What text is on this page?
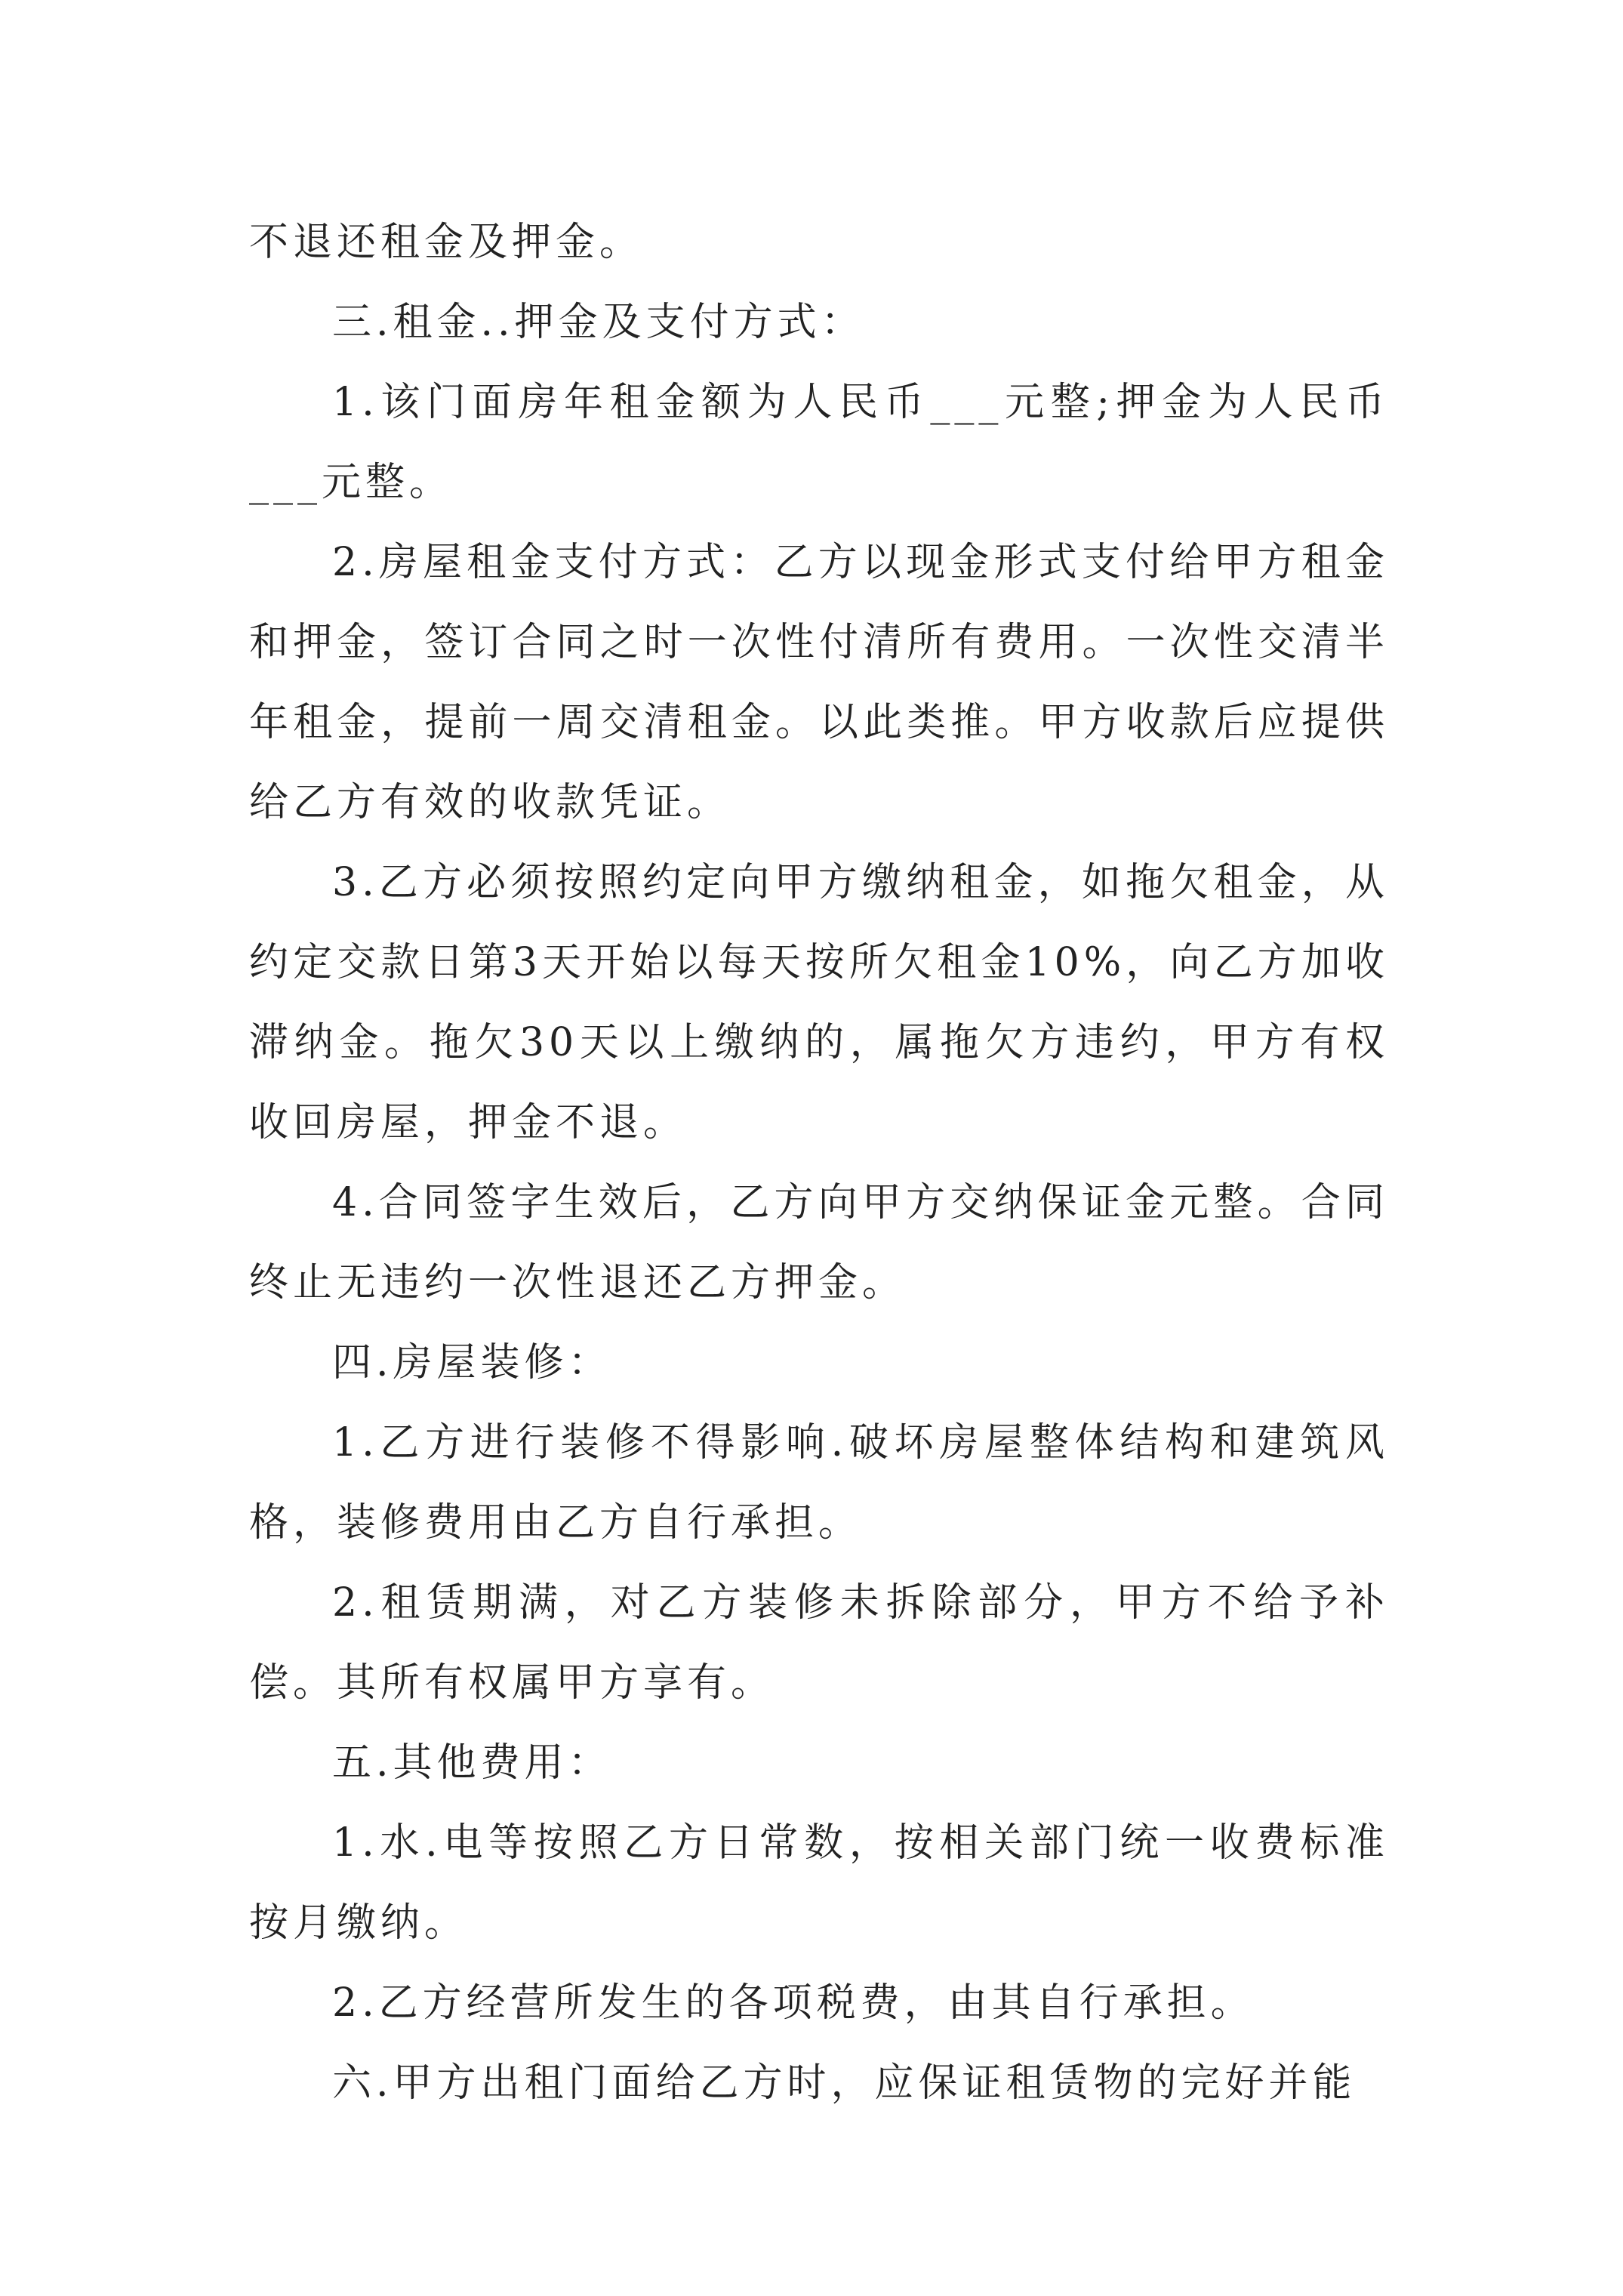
不退还租金及押金。

三.租金..押金及支付方式：

1.该门面房年租金额为人民币___元整;押金为人民币___元整。

2.房屋租金支付方式：乙方以现金形式支付给甲方租金和押金，签订合同之时一次性付清所有费用。一次性交清半年租金，提前一周交清租金。以此类推。甲方收款后应提供给乙方有效的收款凭证。

3.乙方必须按照约定向甲方缴纳租金，如拖欠租金，从约定交款日第3天开始以每天按所欠租金10%，向乙方加收滞纳金。拖欠30天以上缴纳的，属拖欠方违约，甲方有权收回房屋，押金不退。

4.合同签字生效后，乙方向甲方交纳保证金元整。合同终止无违约一次性退还乙方押金。

四.房屋装修：

1.乙方进行装修不得影响.破坏房屋整体结构和建筑风格，装修费用由乙方自行承担。

2.租赁期满，对乙方装修未拆除部分，甲方不给予补偿。其所有权属甲方享有。

五.其他费用：

1.水.电等按照乙方日常数，按相关部门统一收费标准按月缴纳。

2.乙方经营所发生的各项税费，由其自行承担。

六.甲方出租门面给乙方时，应保证租赁物的完好并能
